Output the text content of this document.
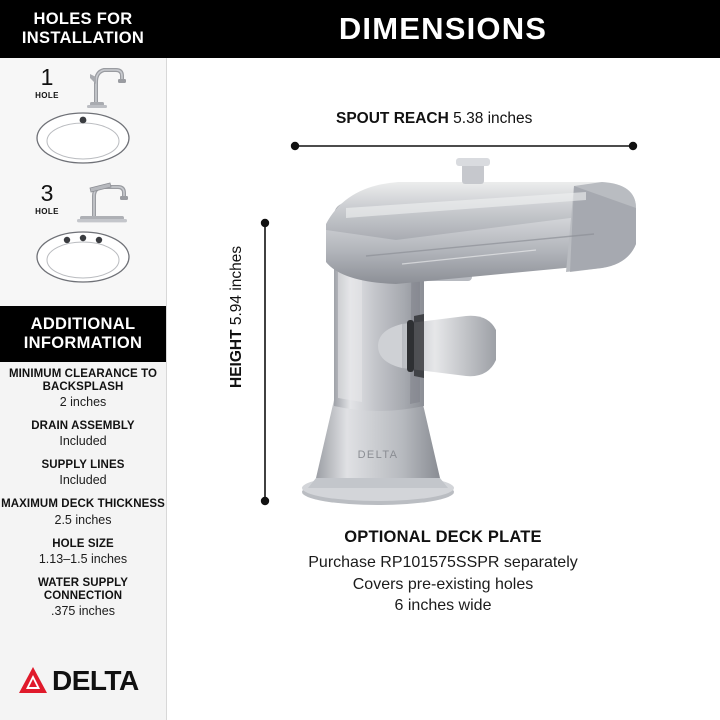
HOLES FOR INSTALLATION
1
HOLE
3
HOLE
ADDITIONAL INFORMATION
MINIMUM CLEARANCE TO BACKSPLASH
2 inches
DRAIN ASSEMBLY
Included
SUPPLY LINES
Included
MAXIMUM DECK THICKNESS
2.5 inches
HOLE SIZE
1.13–1.5 inches
WATER SUPPLY CONNECTION
.375 inches
DELTA
DIMENSIONS
SPOUT REACH 5.38 inches
HEIGHT 5.94 inches
DELTA
OPTIONAL DECK PLATE
Purchase RP101575SSPR separately
Covers pre-existing holes
6 inches wide
